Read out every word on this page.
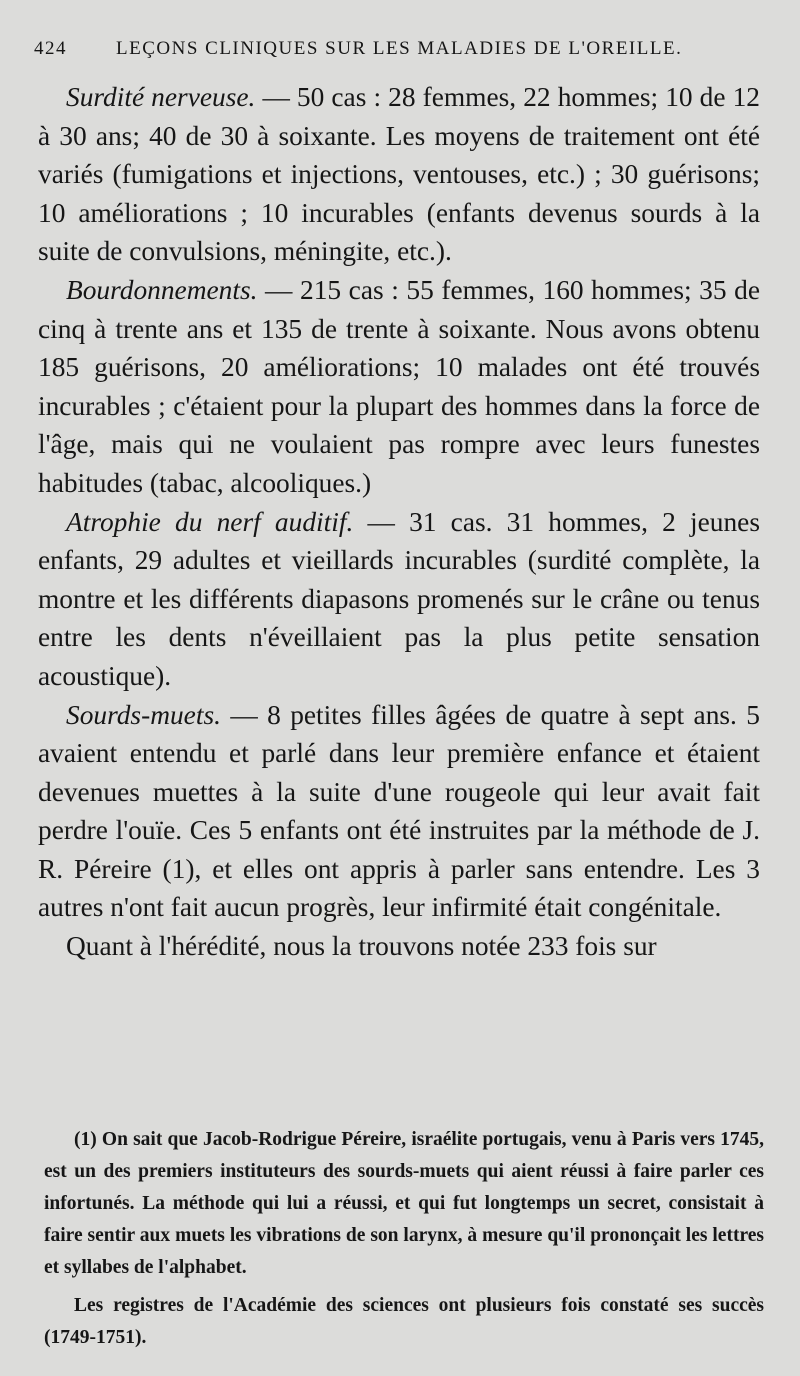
424	LEÇONS CLINIQUES SUR LES MALADIES DE L'OREILLE.

Surdité nerveuse. — 50 cas : 28 femmes, 22 hommes; 10 de 12 à 30 ans; 40 de 30 à soixante. Les moyens de traitement ont été variés (fumigations et injections, ventouses, etc.) ; 30 guérisons; 10 améliorations ; 10 incurables (enfants devenus sourds à la suite de convulsions, méningite, etc.).

Bourdonnements. — 215 cas : 55 femmes, 160 hommes; 35 de cinq à trente ans et 135 de trente à soixante. Nous avons obtenu 185 guérisons, 20 améliorations; 10 malades ont été trouvés incurables ; c'étaient pour la plupart des hommes dans la force de l'âge, mais qui ne voulaient pas rompre avec leurs funestes habitudes (tabac, alcooliques.)

Atrophie du nerf auditif. — 31 cas. 31 hommes, 2 jeunes enfants, 29 adultes et vieillards incurables (surdité complète, la montre et les différents diapasons promenés sur le crâne ou tenus entre les dents n'éveillaient pas la plus petite sensation acoustique).

Sourds-muets. — 8 petites filles âgées de quatre à sept ans. 5 avaient entendu et parlé dans leur première enfance et étaient devenues muettes à la suite d'une rougeole qui leur avait fait perdre l'ouïe. Ces 5 enfants ont été instruites par la méthode de J. R. Péreire (1), et elles ont appris à parler sans entendre. Les 3 autres n'ont fait aucun progrès, leur infirmité était congénitale.

Quant à l'hérédité, nous la trouvons notée 233 fois sur

(1) On sait que Jacob-Rodrigue Péreire, israélite portugais, venu à Paris vers 1745, est un des premiers instituteurs des sourds-muets qui aient réussi à faire parler ces infortunés. La méthode qui lui a réussi, et qui fut longtemps un secret, consistait à faire sentir aux muets les vibrations de son larynx, à mesure qu'il prononçait les lettres et syllabes de l'alphabet.

Les registres de l'Académie des sciences ont plusieurs fois constaté ses succès (1749-1751).
